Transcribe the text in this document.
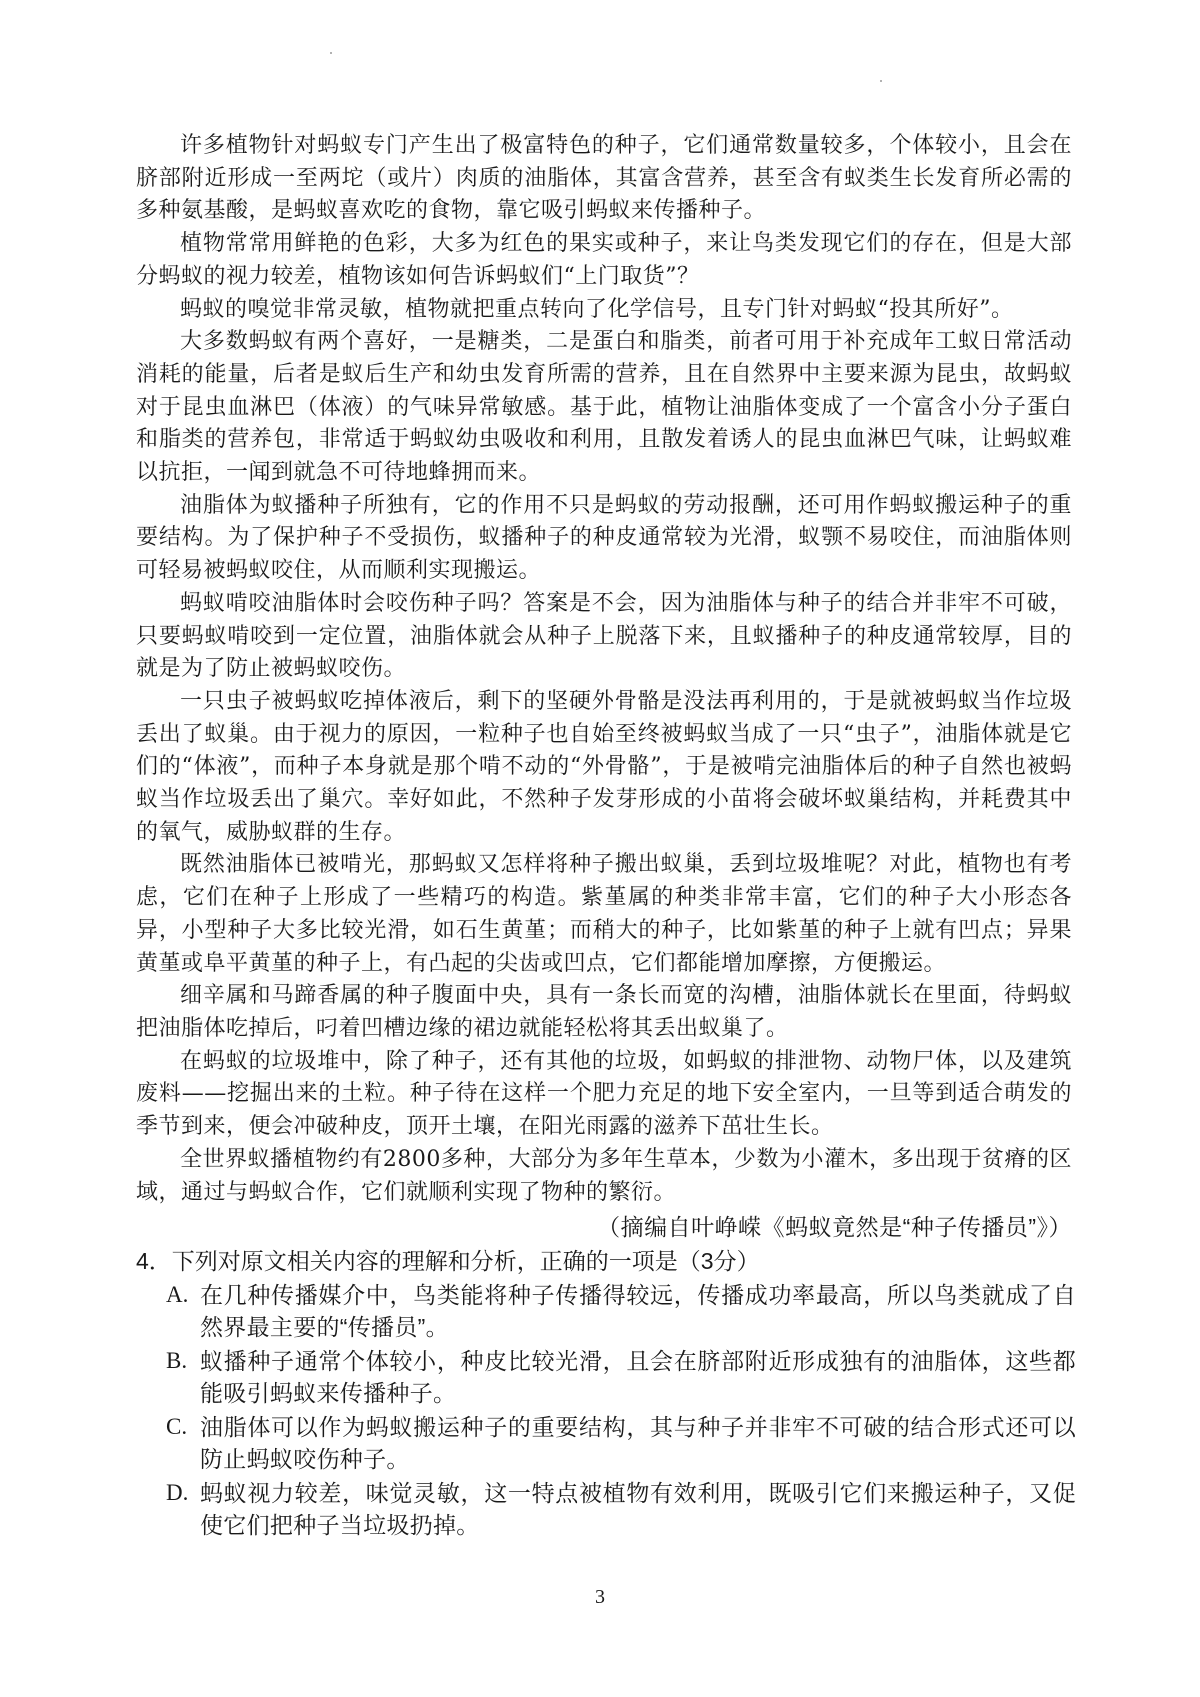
许多植物针对蚂蚁专门产生出了极富特色的种子，它们通常数量较多，个体较小，且会在脐部附近形成一至两坨（或片）肉质的油脂体，其富含营养，甚至含有蚁类生长发育所必需的多种氨基酸，是蚂蚁喜欢吃的食物，靠它吸引蚂蚁来传播种子。

植物常常用鲜艳的色彩，大多为红色的果实或种子，来让鸟类发现它们的存在，但是大部分蚂蚁的视力较差，植物该如何告诉蚂蚁们“上门取货”？

蚂蚁的嗅觉非常灵敏，植物就把重点转向了化学信号，且专门针对蚂蚁“投其所好”。

大多数蚂蚁有两个喜好，一是糖类，二是蛋白和脂类，前者可用于补充成年工蚁日常活动消耗的能量，后者是蚁后生产和幼虫发育所需的营养，且在自然界中主要来源为昆虫，故蚂蚁对于昆虫血淋巴（体液）的气味异常敏感。基于此，植物让油脂体变成了一个富含小分子蛋白和脂类的营养包，非常适于蚂蚁幼虫吸收和利用，且散发着诱人的昆虫血淋巴气味，让蚂蚁难以抗拒，一闻到就急不可待地蜂拥而来。

油脂体为蚁播种子所独有，它的作用不只是蚂蚁的劳动报酬，还可用作蚂蚁搬运种子的重要结构。为了保护种子不受损伤，蚁播种子的种皮通常较为光滑，蚁颚不易咬住，而油脂体则可轻易被蚂蚁咬住，从而顺利实现搬运。

蚂蚁啃咬油脂体时会咬伤种子吗？答案是不会，因为油脂体与种子的结合并非牢不可破，只要蚂蚁啃咬到一定位置，油脂体就会从种子上脱落下来，且蚁播种子的种皮通常较厚，目的就是为了防止被蚂蚁咬伤。

一只虫子被蚂蚁吃掉体液后，剩下的坚硬外骨骼是没法再利用的，于是就被蚂蚁当作垃圾丢出了蚁巢。由于视力的原因，一粒种子也自始至终被蚂蚁当成了一只“虫子”，油脂体就是它们的“体液”，而种子本身就是那个啃不动的“外骨骼”，于是被啃完油脂体后的种子自然也被蚂蚁当作垃圾丢出了巢穴。幸好如此，不然种子发芽形成的小苗将会破坏蚁巢结构，并耗费其中的氧气，威胁蚁群的生存。

既然油脂体已被啃光，那蚂蚁又怎样将种子搬出蚁巢，丢到垃圾堆呢？对此，植物也有考虑，它们在种子上形成了一些精巧的构造。紫堇属的种类非常丰富，它们的种子大小形态各异，小型种子大多比较光滑，如石生黄堇；而稍大的种子，比如紫堇的种子上就有凹点；异果黄堇或阜平黄堇的种子上，有凸起的尖齿或凹点，它们都能增加摩擦，方便搬运。

细辛属和马蹄香属的种子腹面中央，具有一条长而宽的沟槽，油脂体就长在里面，待蚂蚁把油脂体吃掉后，叼着凹槽边缘的裙边就能轻松将其丢出蚁巢了。

在蚂蚁的垃圾堆中，除了种子，还有其他的垃圾，如蚂蚁的排泄物、动物尸体，以及建筑废料——挖掘出来的土粒。种子待在这样一个肥力充足的地下安全室内，一旦等到适合萌发的季节到来，便会冲破种皮，顶开土壤，在阳光雨露的滋养下茁壮生长。

全世界蚁播植物约有2800多种，大部分为多年生草本，少数为小灌木，多出现于贫瘠的区域，通过与蚂蚁合作，它们就顺利实现了物种的繁衍。

（摘编自叶峥嵘《蚂蚁竟然是“种子传播员”》）

4．下列对原文相关内容的理解和分析，正确的一项是（3分）

A. 在几种传播媒介中，鸟类能将种子传播得较远，传播成功率最高，所以鸟类就成了自然界最主要的“传播员”。
B. 蚁播种子通常个体较小，种皮比较光滑，且会在脐部附近形成独有的油脂体，这些都能吸引蚂蚁来传播种子。
C. 油脂体可以作为蚂蚁搬运种子的重要结构，其与种子并非牢不可破的结合形式还可以防止蚂蚁咬伤种子。
D. 蚂蚁视力较差，味觉灵敏，这一特点被植物有效利用，既吸引它们来搬运种子，又促使它们把种子当垃圾扔掉。
3
